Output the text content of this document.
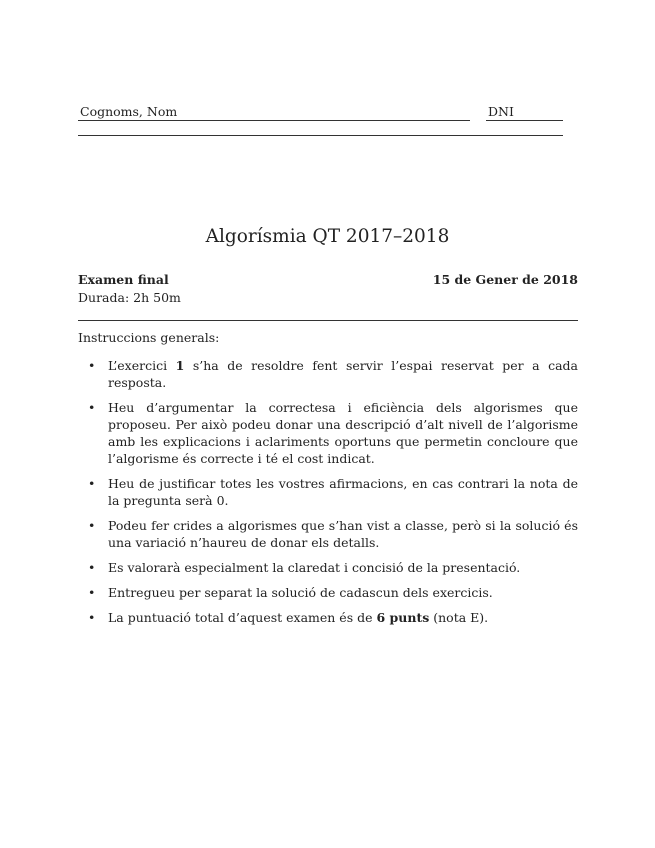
Cognoms, Nom	DNI
Algorísmia QT 2017–2018
Examen final	15 de Gener de 2018
Durada: 2h 50m
Instruccions generals:
• L’exercici 1 s’ha de resoldre fent servir l’espai reservat per a cada resposta.
• Heu d’argumentar la correctesa i eficiència dels algorismes que proposeu. Per això podeu donar una descripció d’alt nivell de l’algorisme amb les explicacions i aclariments oportuns que permetin concloure que l’algorisme és correcte i té el cost indicat.
• Heu de justificar totes les vostres afirmacions, en cas contrari la nota de la pregunta serà 0.
• Podeu fer crides a algorismes que s’han vist a classe, però si la solució és una variació n’haureu de donar els detalls.
• Es valorarà especialment la claredat i concisió de la presentació.
• Entregueu per separat la solució de cadascun dels exercicis.
• La puntuació total d’aquest examen és de 6 punts (nota E).
